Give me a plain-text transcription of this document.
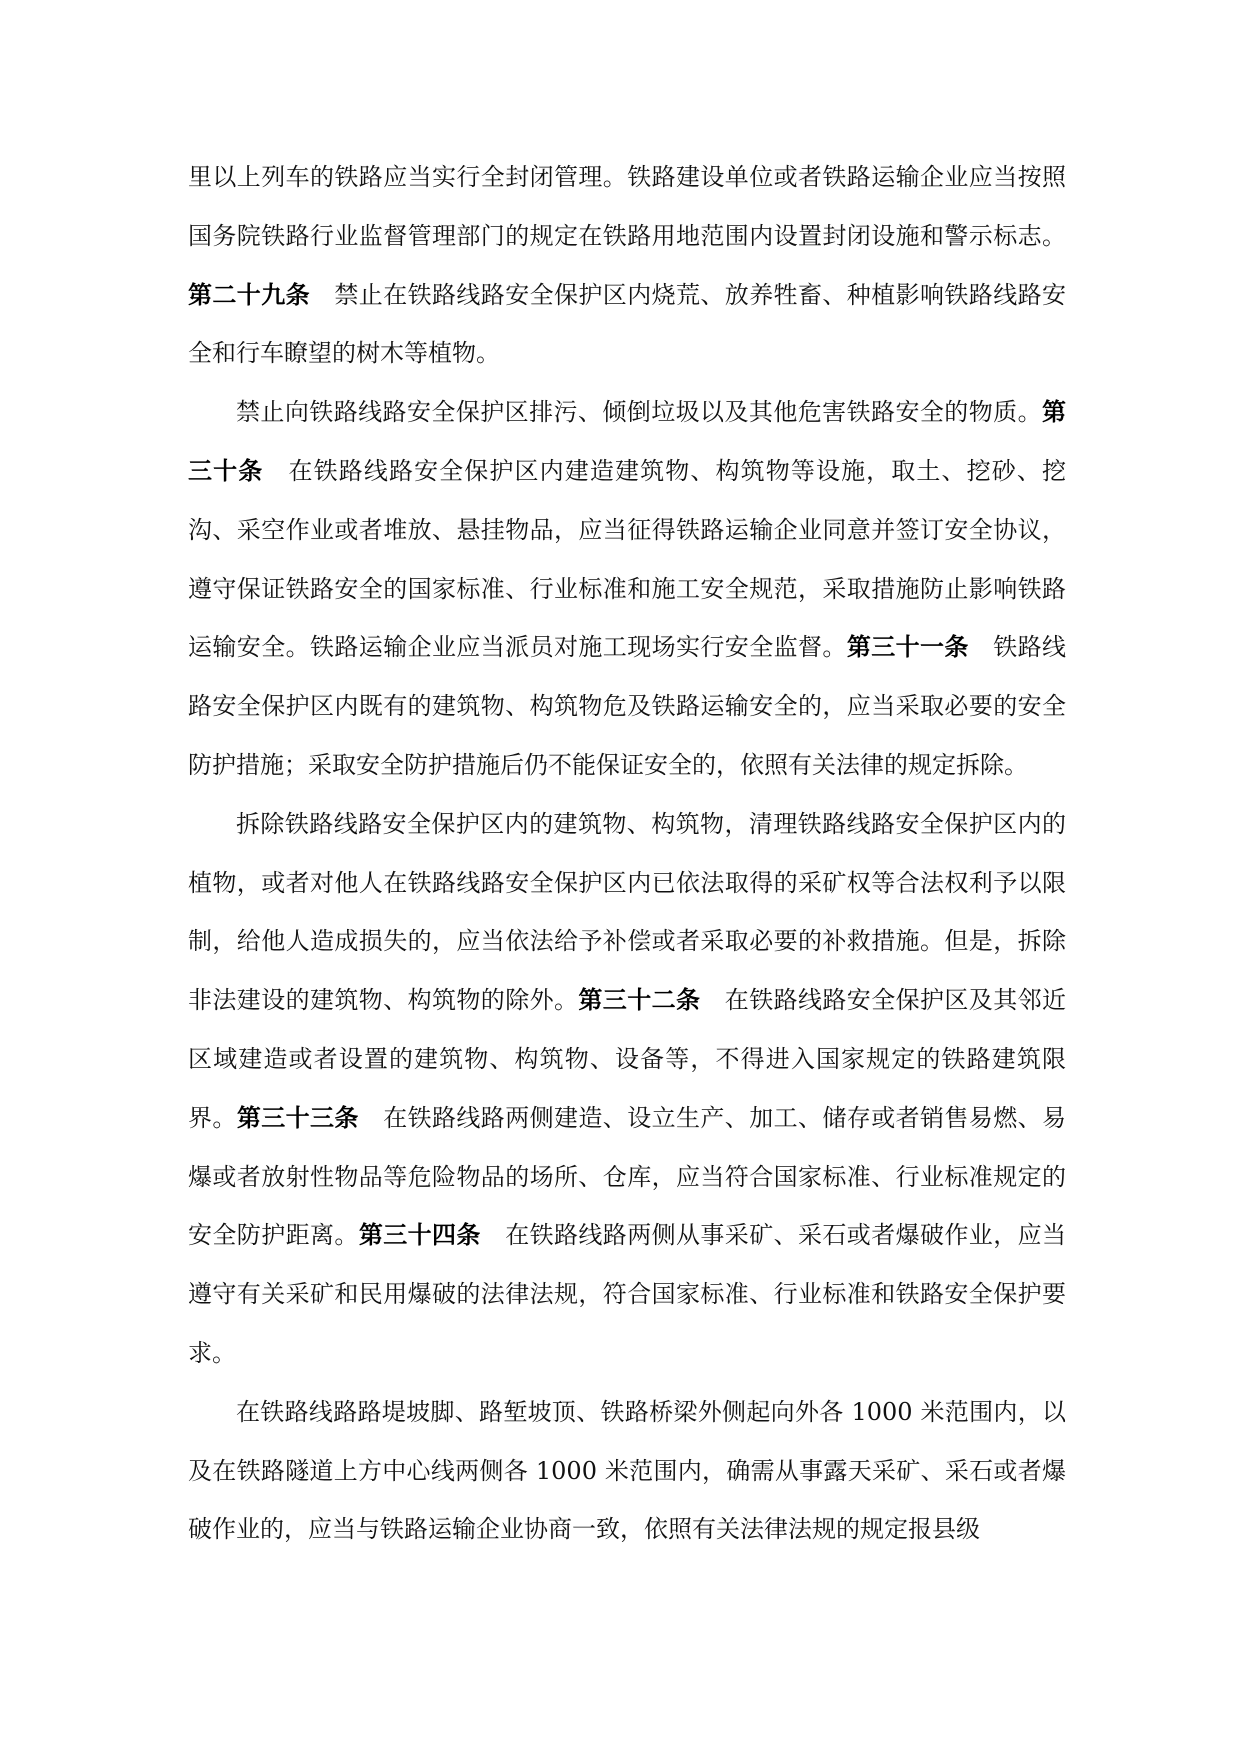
里以上列车的铁路应当实行全封闭管理。铁路建设单位或者铁路运输企业应当按照国务院铁路行业监督管理部门的规定在铁路用地范围内设置封闭设施和警示标志。第二十九条　禁止在铁路线路安全保护区内烧荒、放养牲畜、种植影响铁路线路安全和行车瞭望的树木等植物。

禁止向铁路线路安全保护区排污、倾倒垃圾以及其他危害铁路安全的物质。第三十条　在铁路线路安全保护区内建造建筑物、构筑物等设施，取土、挖砂、挖沟、采空作业或者堆放、悬挂物品，应当征得铁路运输企业同意并签订安全协议，遵守保证铁路安全的国家标准、行业标准和施工安全规范，采取措施防止影响铁路运输安全。铁路运输企业应当派员对施工现场实行安全监督。第三十一条　铁路线路安全保护区内既有的建筑物、构筑物危及铁路运输安全的，应当采取必要的安全防护措施；采取安全防护措施后仍不能保证安全的，依照有关法律的规定拆除。

拆除铁路线路安全保护区内的建筑物、构筑物，清理铁路线路安全保护区内的植物，或者对他人在铁路线路安全保护区内已依法取得的采矿权等合法权利予以限制，给他人造成损失的，应当依法给予补偿或者采取必要的补救措施。但是，拆除非法建设的建筑物、构筑物的除外。第三十二条　在铁路线路安全保护区及其邻近区域建造或者设置的建筑物、构筑物、设备等，不得进入国家规定的铁路建筑限界。第三十三条　在铁路线路两侧建造、设立生产、加工、储存或者销售易燃、易爆或者放射性物品等危险物品的场所、仓库，应当符合国家标准、行业标准规定的安全防护距离。第三十四条　在铁路线路两侧从事采矿、采石或者爆破作业，应当遵守有关采矿和民用爆破的法律法规，符合国家标准、行业标准和铁路安全保护要求。

在铁路线路路堤坡脚、路堑坡顶、铁路桥梁外侧起向外各 1000 米范围内，以及在铁路隧道上方中心线两侧各 1000 米范围内，确需从事露天采矿、采石或者爆破作业的，应当与铁路运输企业协商一致，依照有关法律法规的规定报县级
